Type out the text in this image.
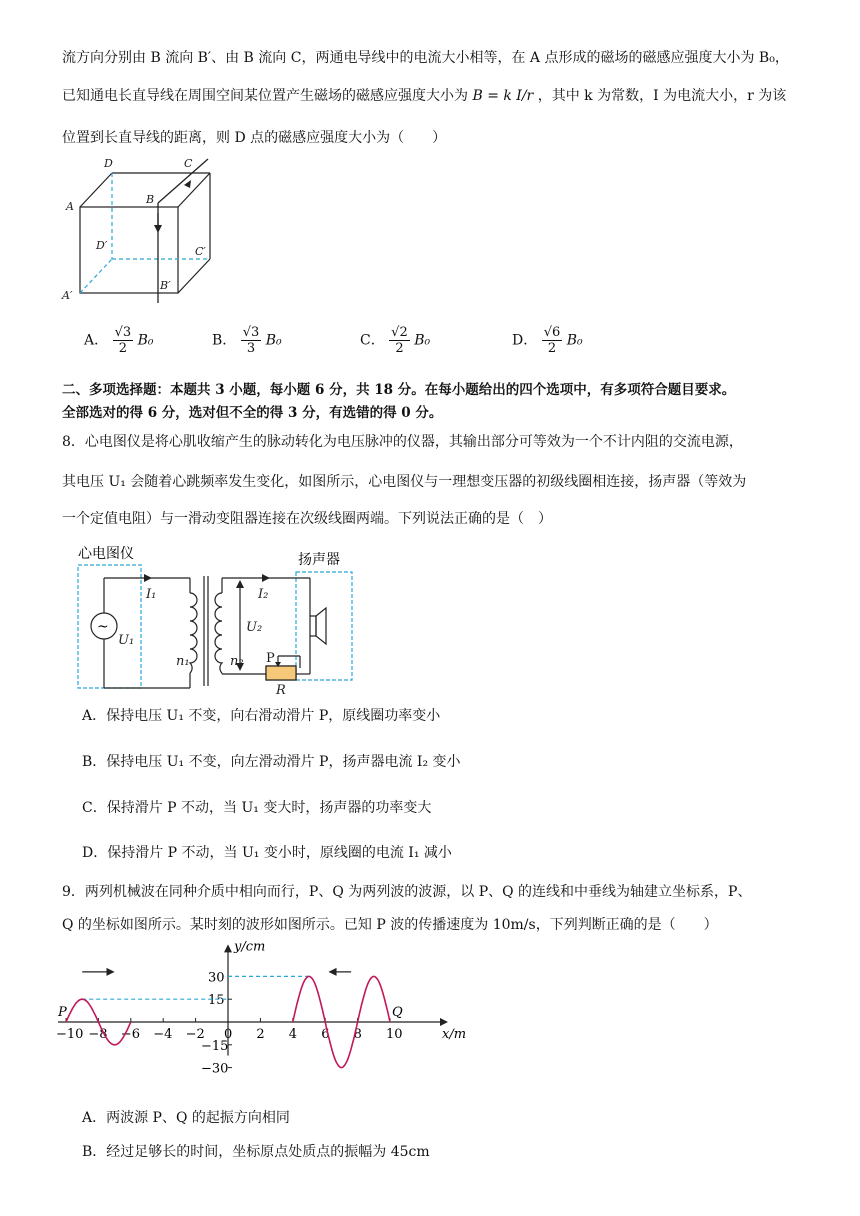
流方向分别由 B 流向 B′、由 B 流向 C，两通电导线中的电流大小相等，在 A 点形成的磁场的磁感应强度大小为 B₀，
已知通电长直导线在周围空间某位置产生磁场的磁感应强度大小为 B = k I/r ，其中 k 为常数，I 为电流大小，r 为该
位置到长直导线的距离，则 D 点的磁感应强度大小为（　　）
D	C
A
B
D′	C′
A′
B′
A． $\frac{√3}{2} B_0$	B． $\frac{√3}{3} B_0$	C． $\frac{√2}{2} B_0$	D． $\frac{√6}{2} B_0$
二、多项选择题：本题共 3 小题，每小题 6 分，共 18 分。在每小题给出的四个选项中，有多项符合题目要求。
全部选对的得 6 分，选对但不全的得 3 分，有选错的得 0 分。
8．心电图仪是将心肌收缩产生的脉动转化为电压脉冲的仪器，其输出部分可等效为一个不计内阻的交流电源，
其电压 U₁ 会随着心跳频率发生变化，如图所示，心电图仪与一理想变压器的初级线圈相连接，扬声器（等效为
一个定值电阻）与一滑动变阻器连接在次级线圈两端。下列说法正确的是（　）
心电图仪	扬声器
~
I₁
U₁
n₁
I₂
U₂
n₂
R
P
A．保持电压 U₁ 不变，向右滑动滑片 P，原线圈功率变小
B．保持电压 U₁ 不变，向左滑动滑片 P，扬声器电流 I₂ 变小
C．保持滑片 P 不动，当 U₁ 变大时，扬声器的功率变大
D．保持滑片 P 不动，当 U₁ 变小时，原线圈的电流 I₁ 减小
9．两列机械波在同种介质中相向而行，P、Q 为两列波的波源，以 P、Q 的连线和中垂线为轴建立坐标系，P、
Q 的坐标如图所示。某时刻的波形如图所示。已知 P 波的传播速度为 10m/s，下列判断正确的是（　　）
y/cm
x/m
−10 −8 −6 −4 −2 0 2 4 6 8 10
30
15
−15
−30
P	Q
A．两波源 P、Q 的起振方向相同
B．经过足够长的时间，坐标原点处质点的振幅为 45cm
